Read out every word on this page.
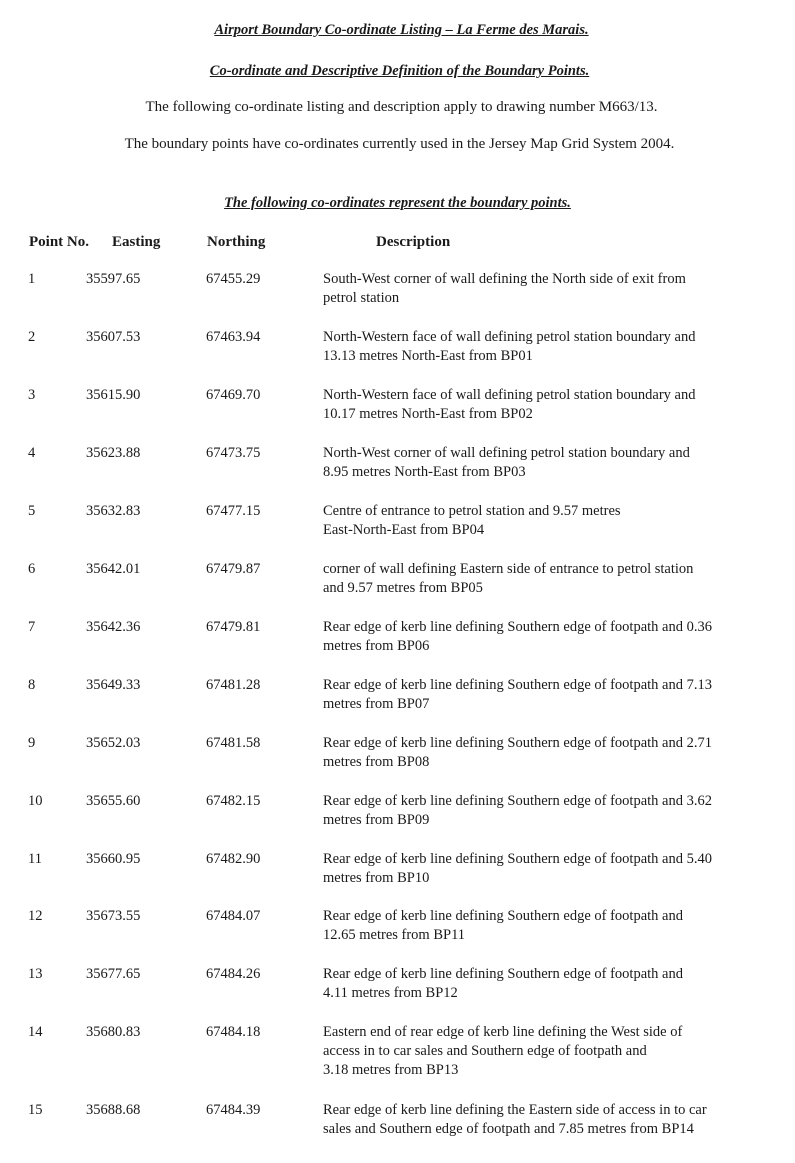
Airport Boundary Co-ordinate Listing – La Ferme des Marais.
Co-ordinate and Descriptive Definition of the Boundary Points.
The following co-ordinate listing and description apply to drawing number M663/13.
The boundary points have co-ordinates currently used in the Jersey Map Grid System 2004.
The following co-ordinates represent the boundary points.
Point No. Easting	Northing	Description
1	35597.65	67455.29	South-West corner of wall defining the North side of exit from
petrol station
2	35607.53	67463.94	North-Western face of wall defining petrol station boundary and
13.13 metres North-East from BP01
3	35615.90	67469.70	North-Western face of wall defining petrol station boundary and
10.17 metres North-East from BP02
4	35623.88	67473.75	North-West corner of wall defining petrol station boundary and
8.95 metres North-East from BP03
5	35632.83	67477.15	Centre of entrance to petrol station and 9.57 metres
East-North-East from BP04
6	35642.01	67479.87	corner of wall defining Eastern side of entrance to petrol station
and 9.57 metres from BP05
7	35642.36	67479.81	Rear edge of kerb line defining Southern edge of footpath and 0.36
metres from BP06
8	35649.33	67481.28	Rear edge of kerb line defining Southern edge of footpath and 7.13
metres from BP07
9	35652.03	67481.58	Rear edge of kerb line defining Southern edge of footpath and 2.71
metres from BP08
10	35655.60	67482.15	Rear edge of kerb line defining Southern edge of footpath and 3.62
metres from BP09
11	35660.95	67482.90	Rear edge of kerb line defining Southern edge of footpath and 5.40
metres from BP10
12	35673.55	67484.07	Rear edge of kerb line defining Southern edge of footpath and
12.65 metres from BP11
13	35677.65	67484.26	Rear edge of kerb line defining Southern edge of footpath and
4.11 metres from BP12
14	35680.83	67484.18	Eastern end of rear edge of kerb line defining the West side of
access in to car sales and Southern edge of footpath and
3.18 metres from BP13
15	35688.68	67484.39	Rear edge of kerb line defining the Eastern side of access in to car
sales and Southern edge of footpath and 7.85 metres from BP14
